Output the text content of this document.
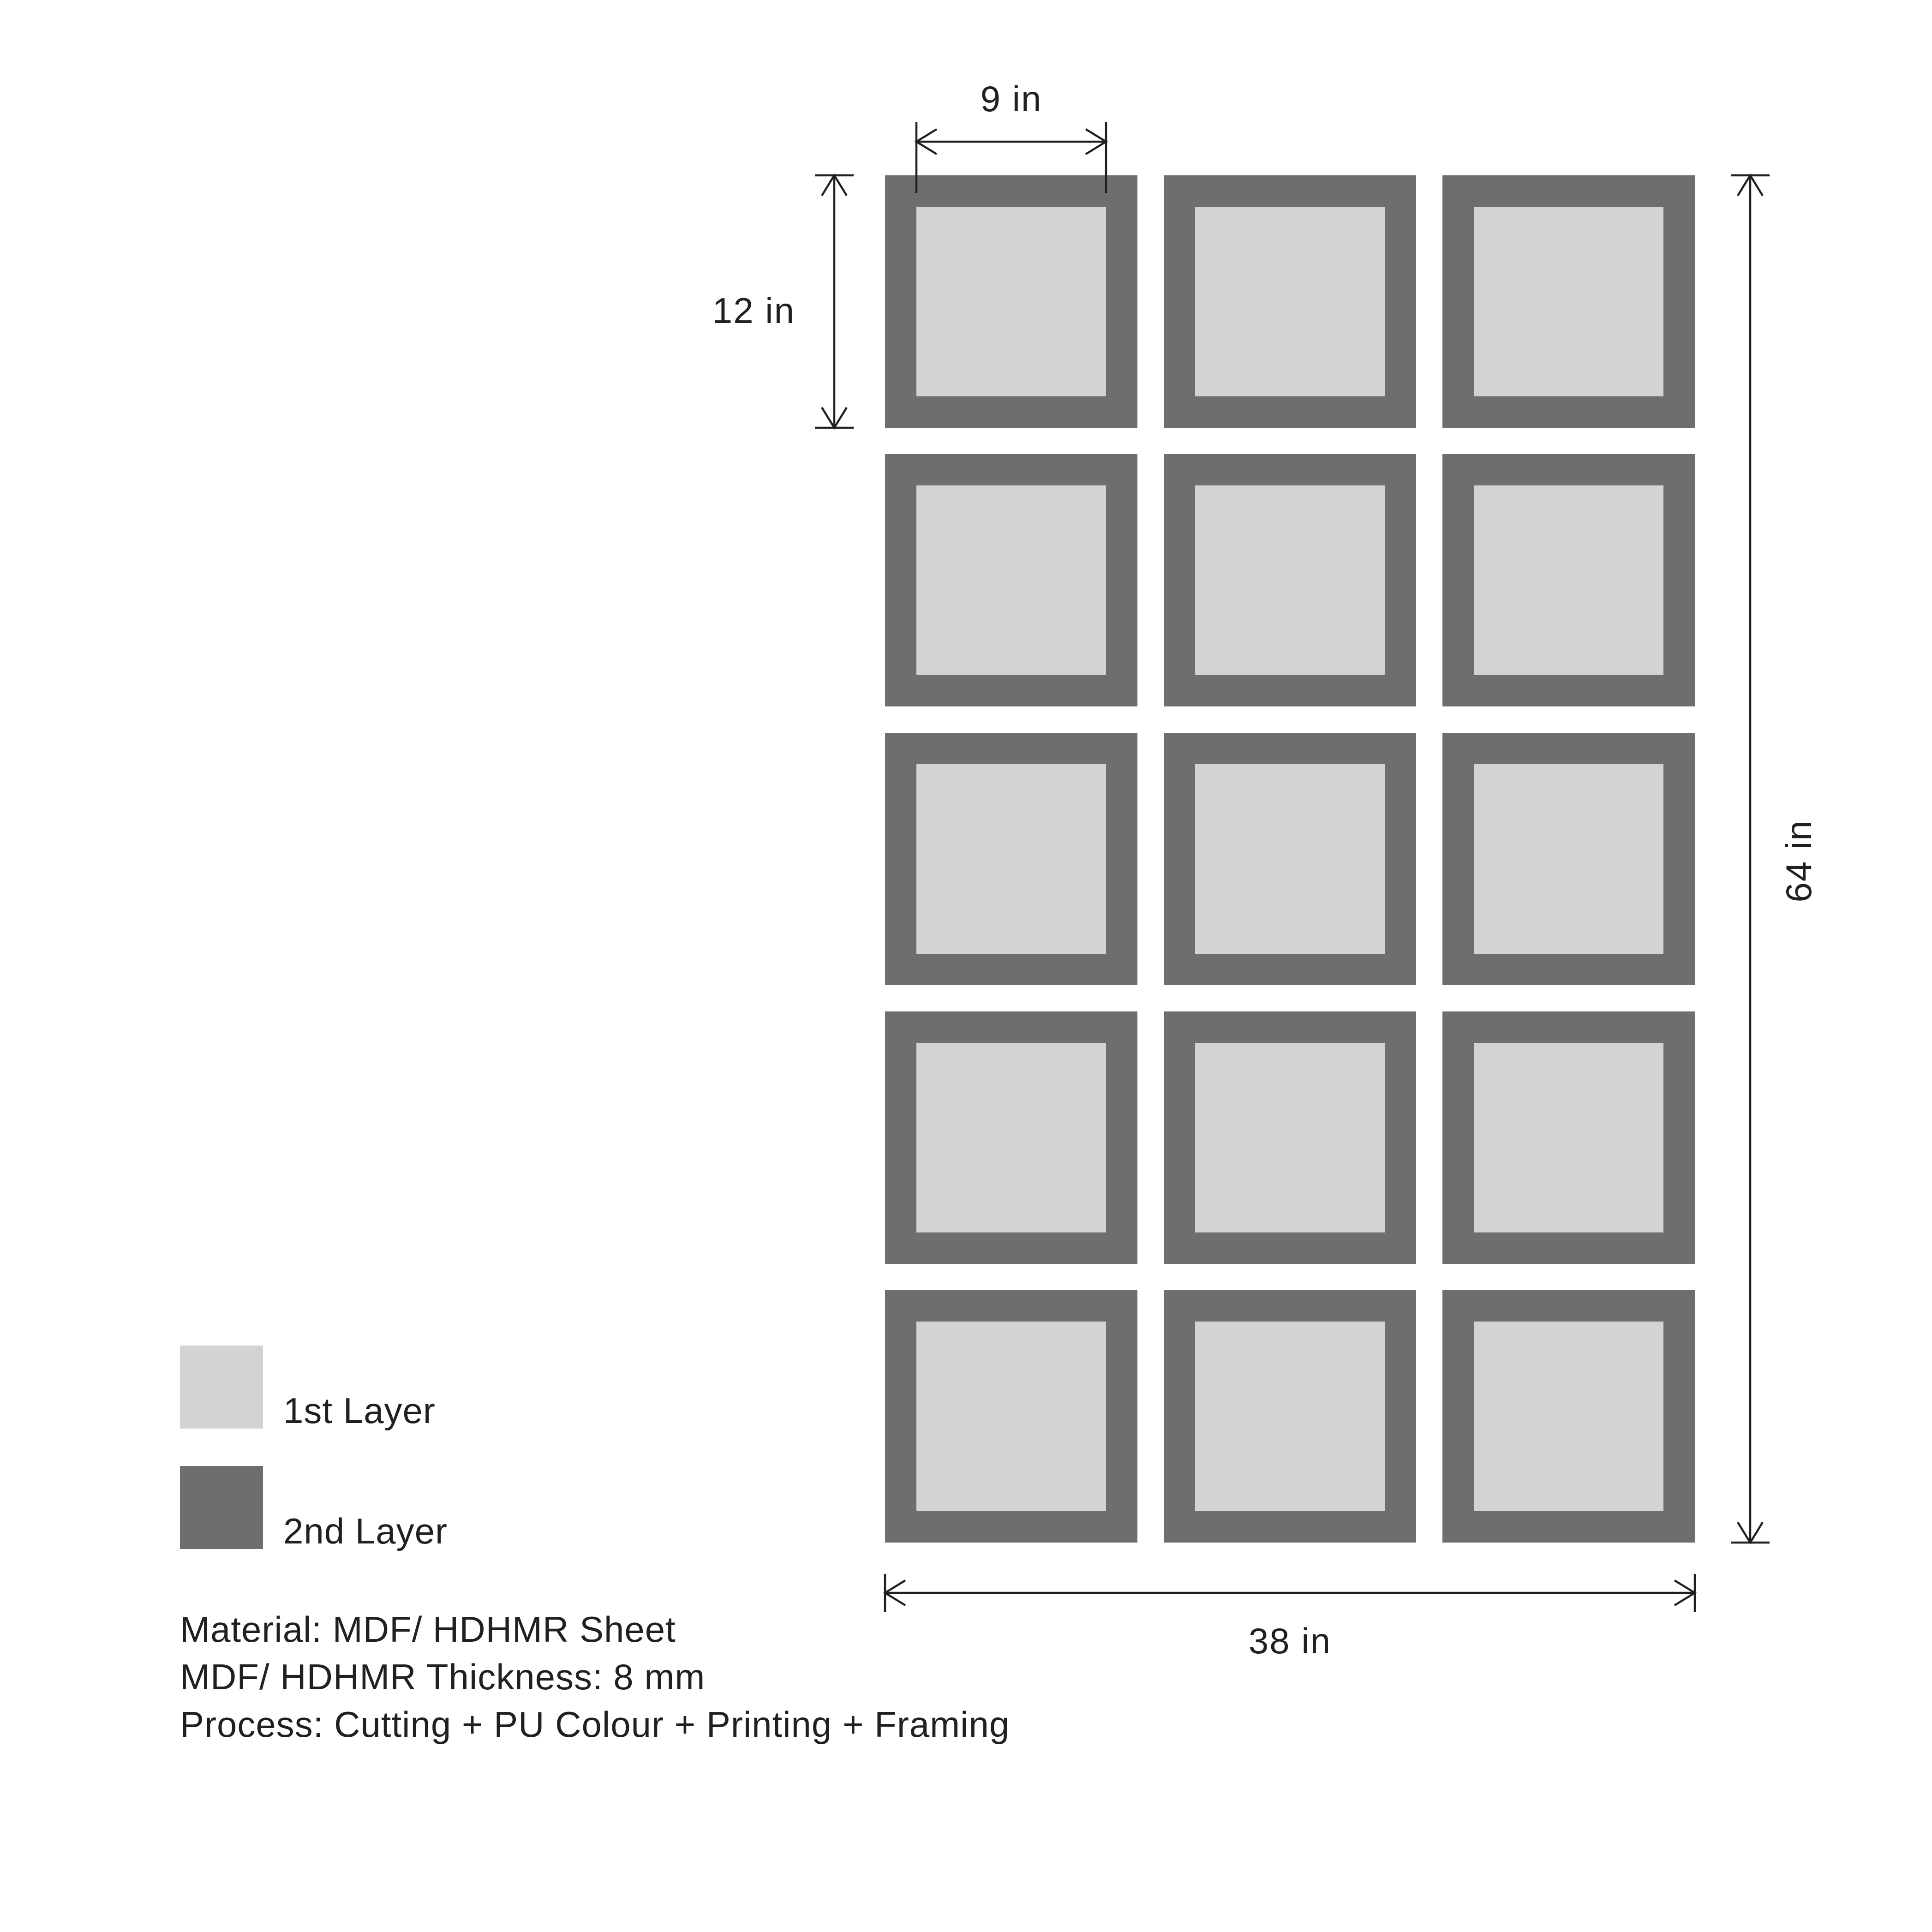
9 in
12 in
64 in
38 in
1st Layer
2nd Layer
Material: MDF/ HDHMR Sheet
MDF/ HDHMR Thickness: 8 mm
Process: Cutting + PU Colour + Printing + Framing
